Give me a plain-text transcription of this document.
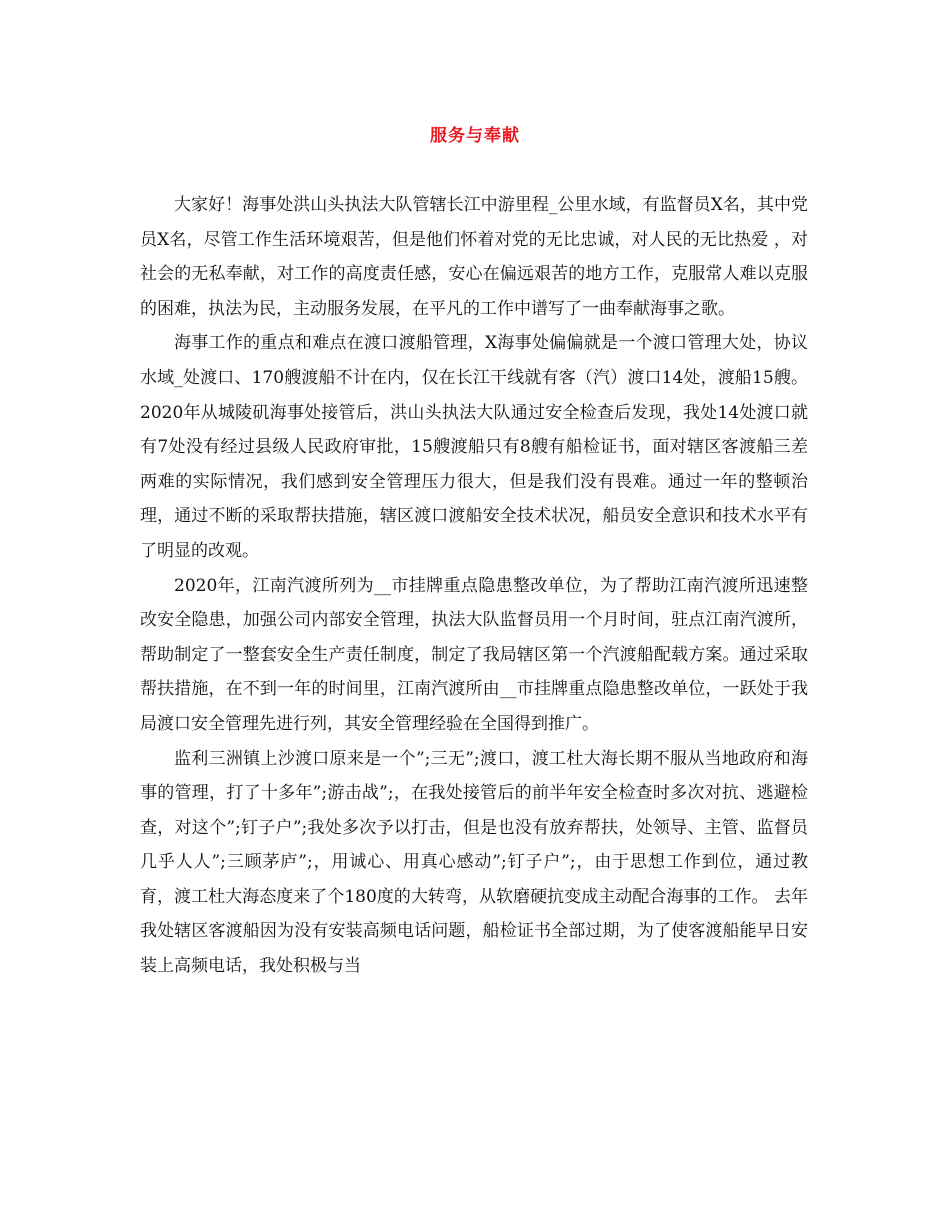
服务与奉献

大家好！海事处洪山头执法大队管辖长江中游里程_公里水域，有监督员X名，其中党员X名，尽管工作生活环境艰苦，但是他们怀着对党的无比忠诚，对人民的无比热爱 ，对社会的无私奉献，对工作的高度责任感，安心在偏远艰苦的地方工作，克服常人难以克服的困难，执法为民，主动服务发展，在平凡的工作中谱写了一曲奉献海事之歌。

海事工作的重点和难点在渡口渡船管理，X海事处偏偏就是一个渡口管理大处，协议水域_处渡口、170艘渡船不计在内，仅在长江干线就有客（汽）渡口14处，渡船15艘。2020年从城陵矶海事处接管后，洪山头执法大队通过安全检查后发现，我处14处渡口就有7处没有经过县级人民政府审批，15艘渡船只有8艘有船检证书，面对辖区客渡船三差两难的实际情况，我们感到安全管理压力很大，但是我们没有畏难。通过一年的整顿治理，通过不断的采取帮扶措施，辖区渡口渡船安全技术状况，船员安全意识和技术水平有了明显的改观。

2020年，江南汽渡所列为__市挂牌重点隐患整改单位，为了帮助江南汽渡所迅速整改安全隐患，加强公司内部安全管理，执法大队监督员用一个月时间，驻点江南汽渡所，帮助制定了一整套安全生产责任制度，制定了我局辖区第一个汽渡船配载方案。通过采取帮扶措施，在不到一年的时间里，江南汽渡所由__市挂牌重点隐患整改单位，一跃处于我局渡口安全管理先进行列，其安全管理经验在全国得到推广。

监利三洲镇上沙渡口原来是一个”;三无”;渡口，渡工杜大海长期不服从当地政府和海事的管理，打了十多年”;游击战”;，在我处接管后的前半年安全检查时多次对抗、逃避检查，对这个”;钉子户”;我处多次予以打击，但是也没有放弃帮扶，处领导、主管、监督员几乎人人”;三顾茅庐”;，用诚心、用真心感动”;钉子户”;，由于思想工作到位，通过教育，渡工杜大海态度来了个180度的大转弯，从软磨硬抗变成主动配合海事的工作。 去年我处辖区客渡船因为没有安装高频电话问题，船检证书全部过期，为了使客渡船能早日安装上高频电话，我处积极与当
